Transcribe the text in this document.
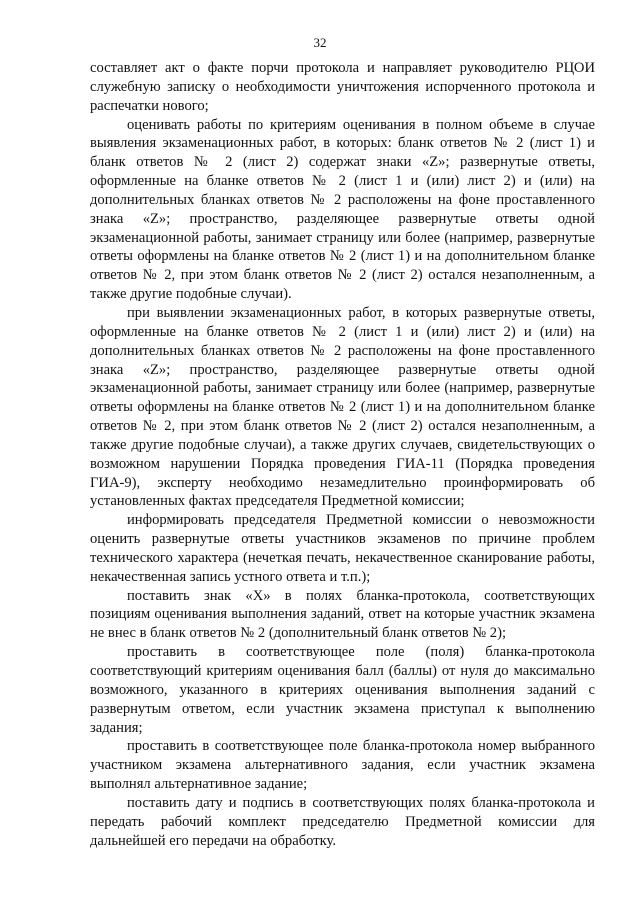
32

составляет акт о факте порчи протокола и направляет руководителю РЦОИ служебную записку о необходимости уничтожения испорченного протокола и распечатки нового;

оценивать работы по критериям оценивания в полном объеме в случае выявления экзаменационных работ, в которых: бланк ответов № 2 (лист 1) и бланк ответов № 2 (лист 2) содержат знаки «Z»; развернутые ответы, оформленные на бланке ответов № 2 (лист 1 и (или) лист 2) и (или) на дополнительных бланках ответов № 2 расположены на фоне проставленного знака «Z»; пространство, разделяющее развернутые ответы одной экзаменационной работы, занимает страницу или более (например, развернутые ответы оформлены на бланке ответов № 2 (лист 1) и на дополнительном бланке ответов № 2, при этом бланк ответов № 2 (лист 2) остался незаполненным, а также другие подобные случаи).

при выявлении экзаменационных работ, в которых развернутые ответы, оформленные на бланке ответов № 2 (лист 1 и (или) лист 2) и (или) на дополнительных бланках ответов № 2 расположены на фоне проставленного знака «Z»; пространство, разделяющее развернутые ответы одной экзаменационной работы, занимает страницу или более (например, развернутые ответы оформлены на бланке ответов № 2 (лист 1) и на дополнительном бланке ответов № 2, при этом бланк ответов № 2 (лист 2) остался незаполненным, а также другие подобные случаи), а также других случаев, свидетельствующих о возможном нарушении Порядка проведения ГИА-11 (Порядка проведения ГИА-9), эксперту необходимо незамедлительно проинформировать об установленных фактах председателя Предметной комиссии;

информировать председателя Предметной комиссии о невозможности оценить развернутые ответы участников экзаменов по причине проблем технического характера (нечеткая печать, некачественное сканирование работы, некачественная запись устного ответа и т.п.);

поставить знак «X» в полях бланка-протокола, соответствующих позициям оценивания выполнения заданий, ответ на которые участник экзамена не внес в бланк ответов № 2 (дополнительный бланк ответов № 2);

проставить в соответствующее поле (поля) бланка-протокола соответствующий критериям оценивания балл (баллы) от нуля до максимально возможного, указанного в критериях оценивания выполнения заданий с развернутым ответом, если участник экзамена приступал к выполнению задания;

проставить в соответствующее поле бланка-протокола номер выбранного участником экзамена альтернативного задания, если участник экзамена выполнял альтернативное задание;

поставить дату и подпись в соответствующих полях бланка-протокола и передать рабочий комплект председателю Предметной комиссии для дальнейшей его передачи на обработку.
